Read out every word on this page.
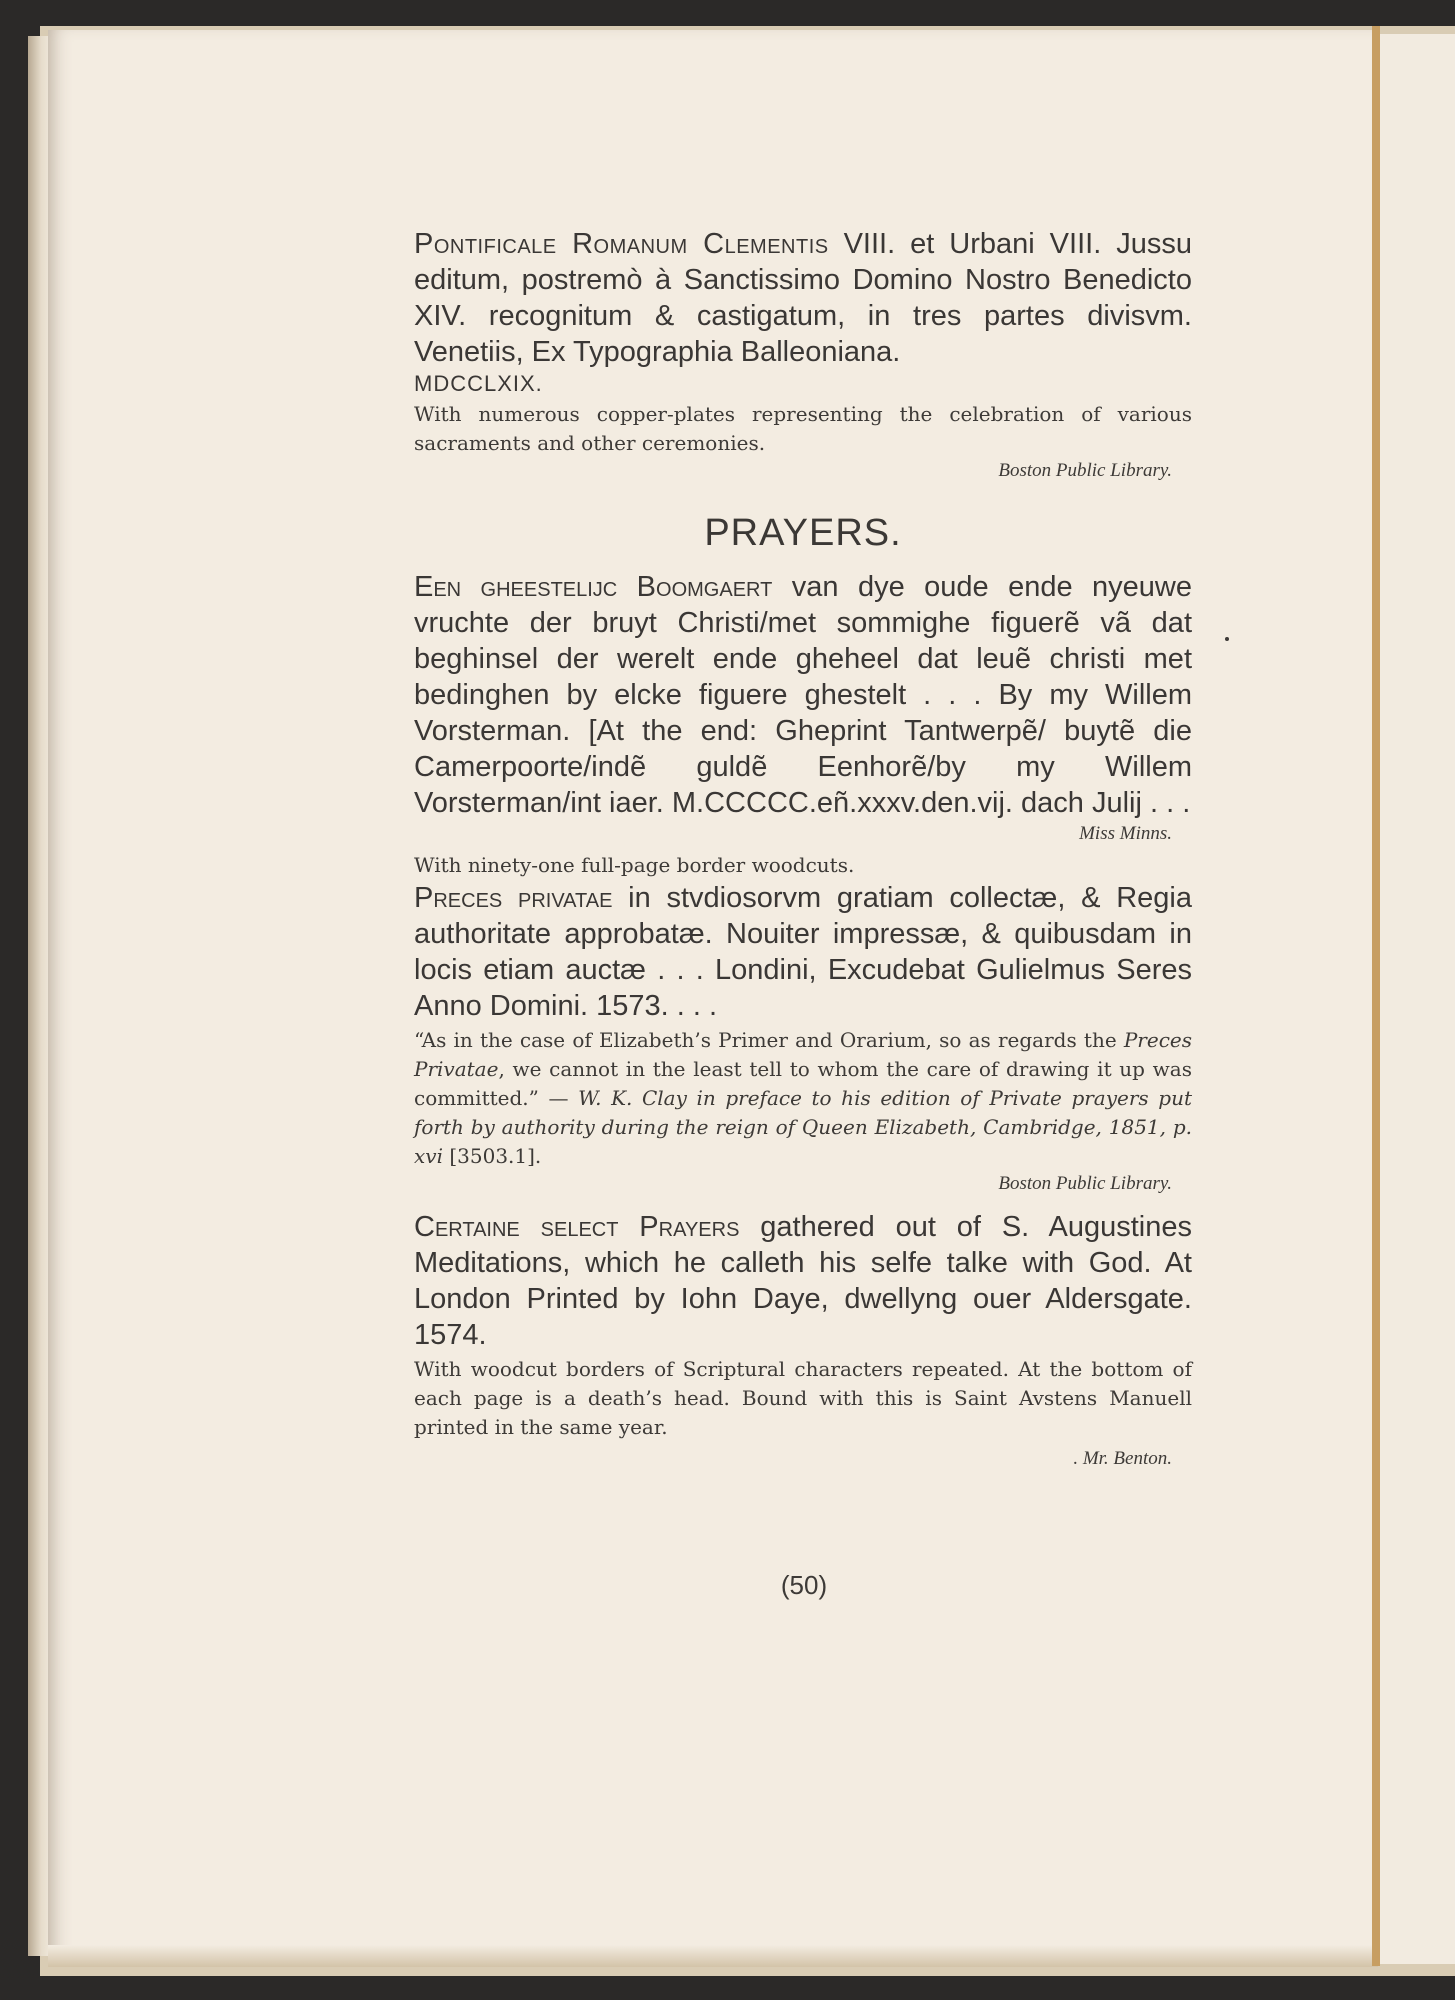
Pontificale Romanum Clementis VIII. et Urbani VIII. Jussu editum, postremò à Sanctissimo Domino Nostro Benedicto XIV. recognitum & castigatum, in tres partes divisvm. Venetiis, Ex Typographia Balleoniana.

MDCCLXIX.

With numerous copper-plates representing the celebration of various sacraments and other ceremonies.

Boston Public Library.

PRAYERS.

Een gheestelijc Boomgaert van dye oude ende nyeuwe vruchte der bruyt Christi/met sommighe figuerẽ vã dat beghinsel der werelt ende gheheel dat leuẽ christi met bedinghen by elcke figuere ghestelt . . . By my Willem Vorsterman. [At the end: Gheprint Tantwerpẽ/ buytẽ die Camerpoorte/indẽ guldẽ Eenhorẽ/by my Willem Vorsterman/int iaer. M.CCCCC.eñ.xxxv.den.vij. dach Julij . . .

Miss Minns.

With ninety-one full-page border woodcuts.

Preces privatae in stvdiosorvm gratiam collectæ, & Regia authoritate approbatæ. Nouiter impressæ, & quibusdam in locis etiam auctæ . . . Londini, Excudebat Gulielmus Seres Anno Domini. 1573. . . .

“As in the case of Elizabeth’s Primer and Orarium, so as regards the Preces Privatae, we cannot in the least tell to whom the care of drawing it up was committed.” — W. K. Clay in preface to his edition of Private prayers put forth by authority during the reign of Queen Elizabeth, Cambridge, 1851, p. xvi [3503.1].

Boston Public Library.

Certaine select Prayers gathered out of S. Augustines Meditations, which he calleth his selfe talke with God. At London Printed by Iohn Daye, dwellyng ouer Aldersgate. 1574.

With woodcut borders of Scriptural characters repeated. At the bottom of each page is a death’s head. Bound with this is Saint Avstens Manuell printed in the same year.

. Mr. Benton.

(50)
